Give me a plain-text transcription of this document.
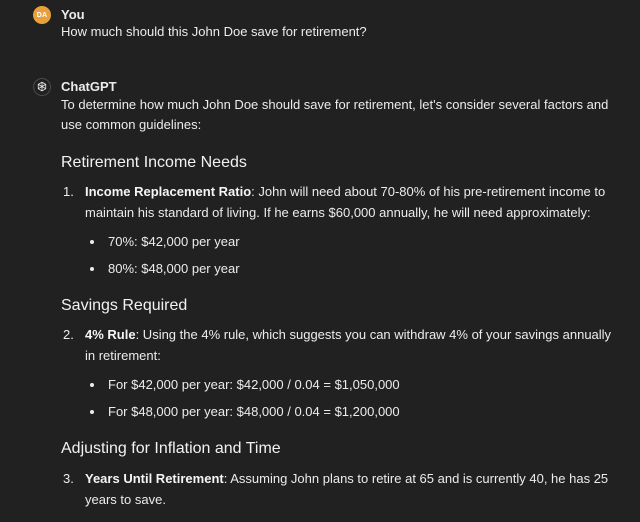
DA You
How much should this John Doe save for retirement?
ChatGPT
To determine how much John Doe should save for retirement, let's consider several factors and use common guidelines:
Retirement Income Needs
1. Income Replacement Ratio: John will need about 70-80% of his pre-retirement income to maintain his standard of living. If he earns $60,000 annually, he will need approximately:
70%: $42,000 per year
80%: $48,000 per year
Savings Required
2. 4% Rule: Using the 4% rule, which suggests you can withdraw 4% of your savings annually in retirement:
For $42,000 per year: $42,000 / 0.04 = $1,050,000
For $48,000 per year: $48,000 / 0.04 = $1,200,000
Adjusting for Inflation and Time
3. Years Until Retirement: Assuming John plans to retire at 65 and is currently 40, he has 25 years to save.
